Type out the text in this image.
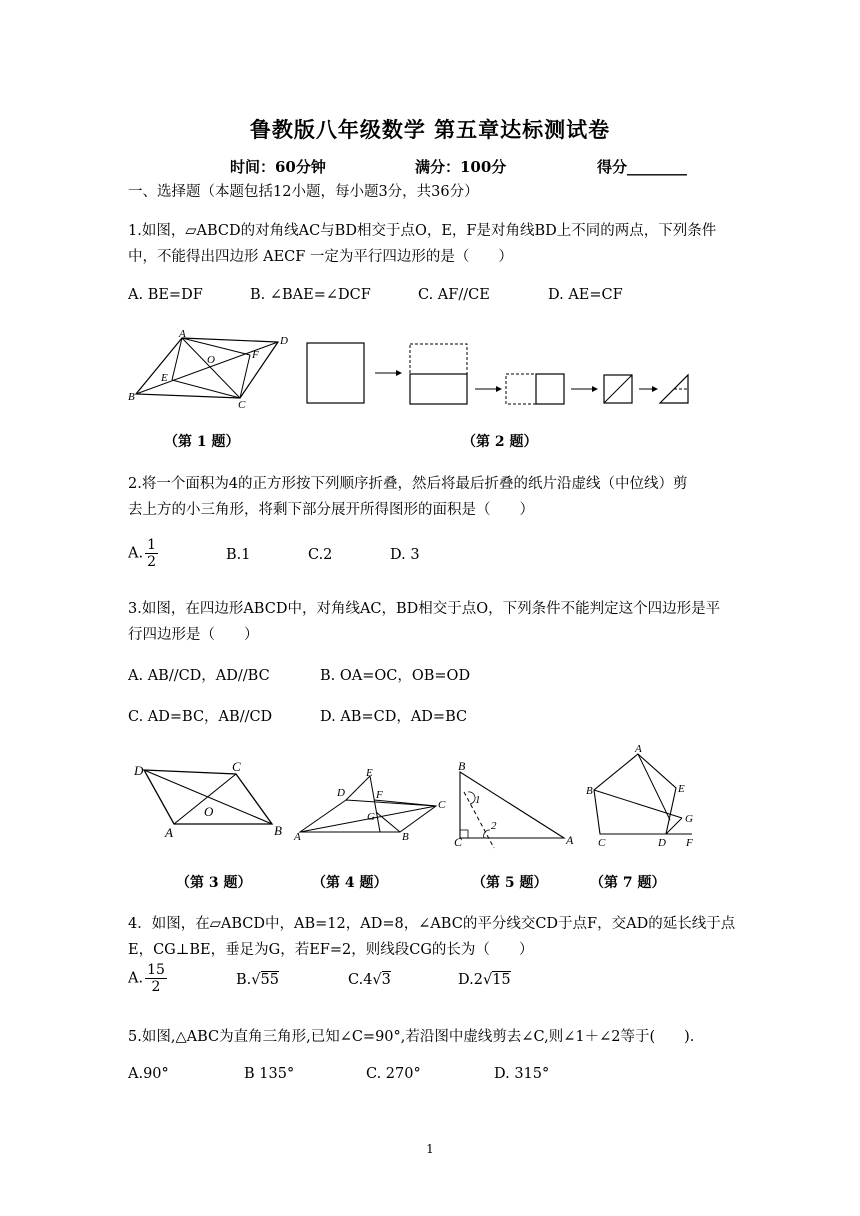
鲁教版八年级数学 第五章达标测试卷
时间：60分钟	满分：100分	得分________
一、选择题（本题包括12小题，每小题3分，共36分）
1.如图，▱ABCD的对角线AC与BD相交于点O，E，F是对角线BD上不同的两点，下列条件
中，不能得出四边形 AECF 一定为平行四边形的是（　　）
A. BE=DF	B. ∠BAE=∠DCF	C. AF//CE	D. AE=CF
A
D
B
C
E
F
O
（第 1 题）	（第 2 题）
2.将一个面积为4的正方形按下列顺序折叠，然后将最后折叠的纸片沿虚线（中位线）剪
去上方的小三角形，将剩下部分展开所得图形的面积是（　　）
A. $\frac{1}{2}$	B.1	C.2	D. 3
3.如图，在四边形ABCD中，对角线AC，BD相交于点O，下列条件不能判定这个四边形是平
行四边形是（　　）
A. AB//CD，AD//BC	B. OA=OC，OB=OD
C. AD=BC，AB//CD	D. AB=CD，AD=BC
D	C
B
A
O
A
D
E
F
G
C
B
B
C	A
1
2
A
B	E
G
C	D F
（第 3 题）	（第 4 题）	（第 5 题）	（第 7 题）
4．如图，在▱ABCD中，AB=12，AD=8，∠ABC的平分线交CD于点F，交AD的延长线于点
E，CG⊥BE，垂足为G，若EF=2，则线段CG的长为（　　）
A. $\frac{15}{2}$	B.√55	C.4√3	D.2√15
5.如图,△ABC为直角三角形,已知∠C=90°,若沿图中虚线剪去∠C,则∠1＋∠2等于(　　).
A.90°	B 135°	C. 270°	D. 315°
1
